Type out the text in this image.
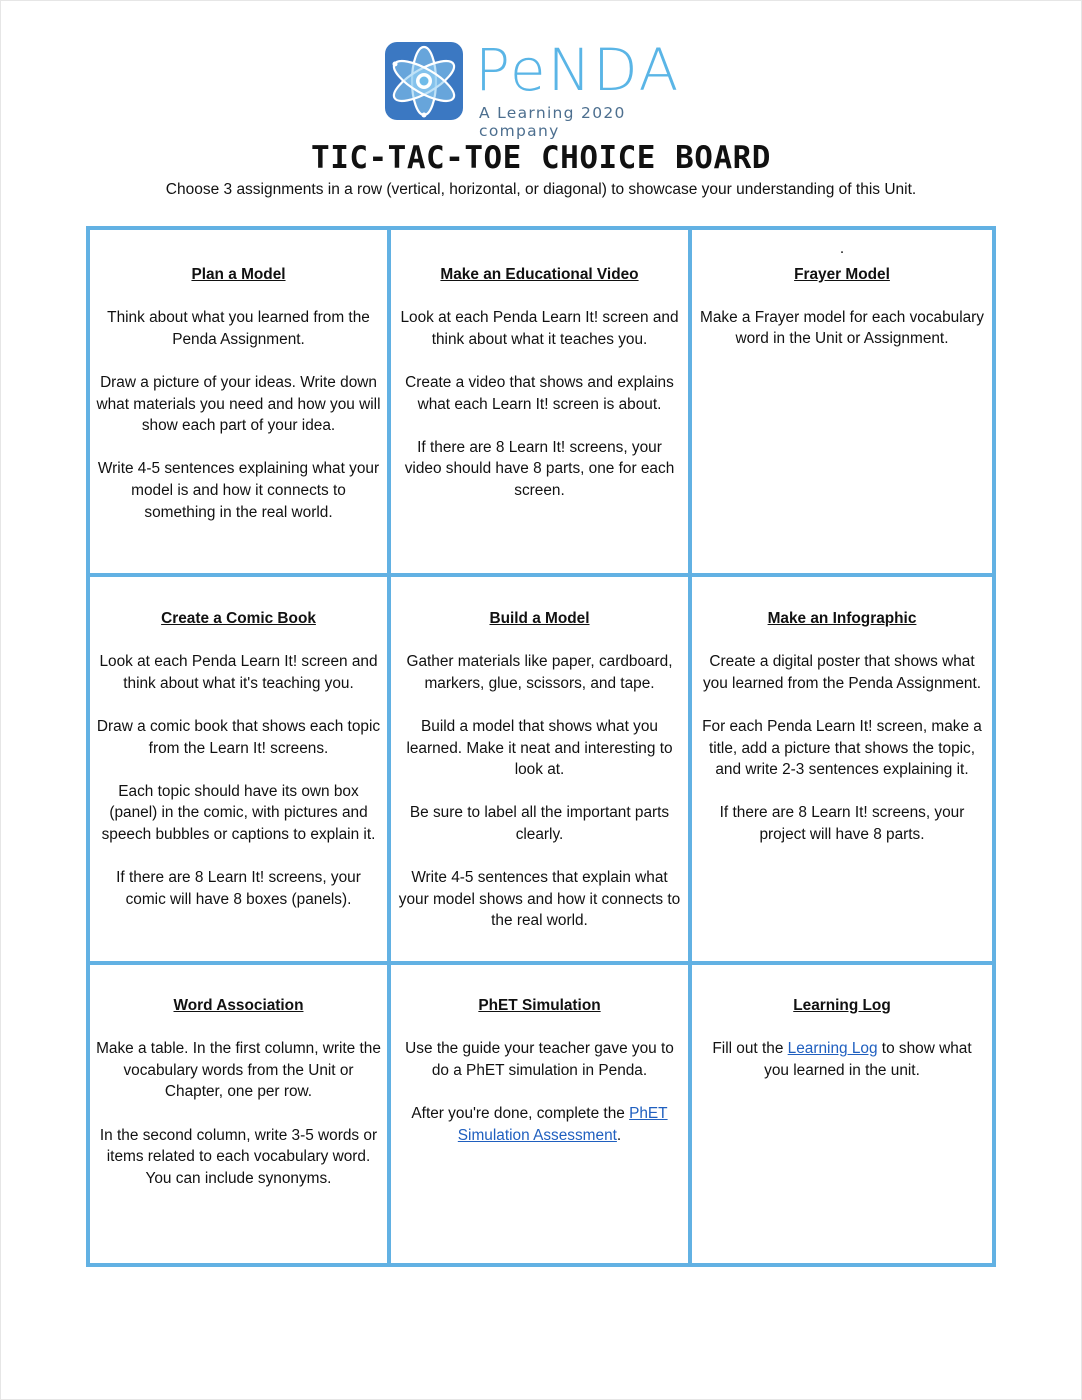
PeNDA
A Learning 2020 company
TIC-TAC-TOE CHOICE BOARD
Choose 3 assignments in a row (vertical, horizontal, or diagonal) to showcase your understanding of this Unit.
Plan a Model

Think about what you learned from the Penda Assignment.

Draw a picture of your ideas. Write down what materials you need and how you will show each part of your idea.

Write 4-5 sentences explaining what your model is and how it connects to something in the real world.

Make an Educational Video

Look at each Penda Learn It! screen and think about what it teaches you.

Create a video that shows and explains what each Learn It! screen is about.

If there are 8 Learn It! screens, your video should have 8 parts, one for each screen.

.
Frayer Model

Make a Frayer model for each vocabulary word in the Unit or Assignment.

Create a Comic Book

Look at each Penda Learn It! screen and think about what it's teaching you.

Draw a comic book that shows each topic from the Learn It! screens.

Each topic should have its own box (panel) in the comic, with pictures and speech bubbles or captions to explain it.

If there are 8 Learn It! screens, your comic will have 8 boxes (panels).

Build a Model

Gather materials like paper, cardboard, markers, glue, scissors, and tape.

Build a model that shows what you learned. Make it neat and interesting to look at.

Be sure to label all the important parts clearly.

Write 4-5 sentences that explain what your model shows and how it connects to the real world.

Make an Infographic

Create a digital poster that shows what you learned from the Penda Assignment.

For each Penda Learn It! screen, make a title, add a picture that shows the topic, and write 2-3 sentences explaining it.

If there are 8 Learn It! screens, your project will have 8 parts.

Word Association

Make a table. In the first column, write the vocabulary words from the Unit or Chapter, one per row.

In the second column, write 3-5 words or items related to each vocabulary word. You can include synonyms.

PhET Simulation

Use the guide your teacher gave you to do a PhET simulation in Penda.

After you're done, complete the PhET Simulation Assessment.

Learning Log

Fill out the Learning Log to show what you learned in the unit.
